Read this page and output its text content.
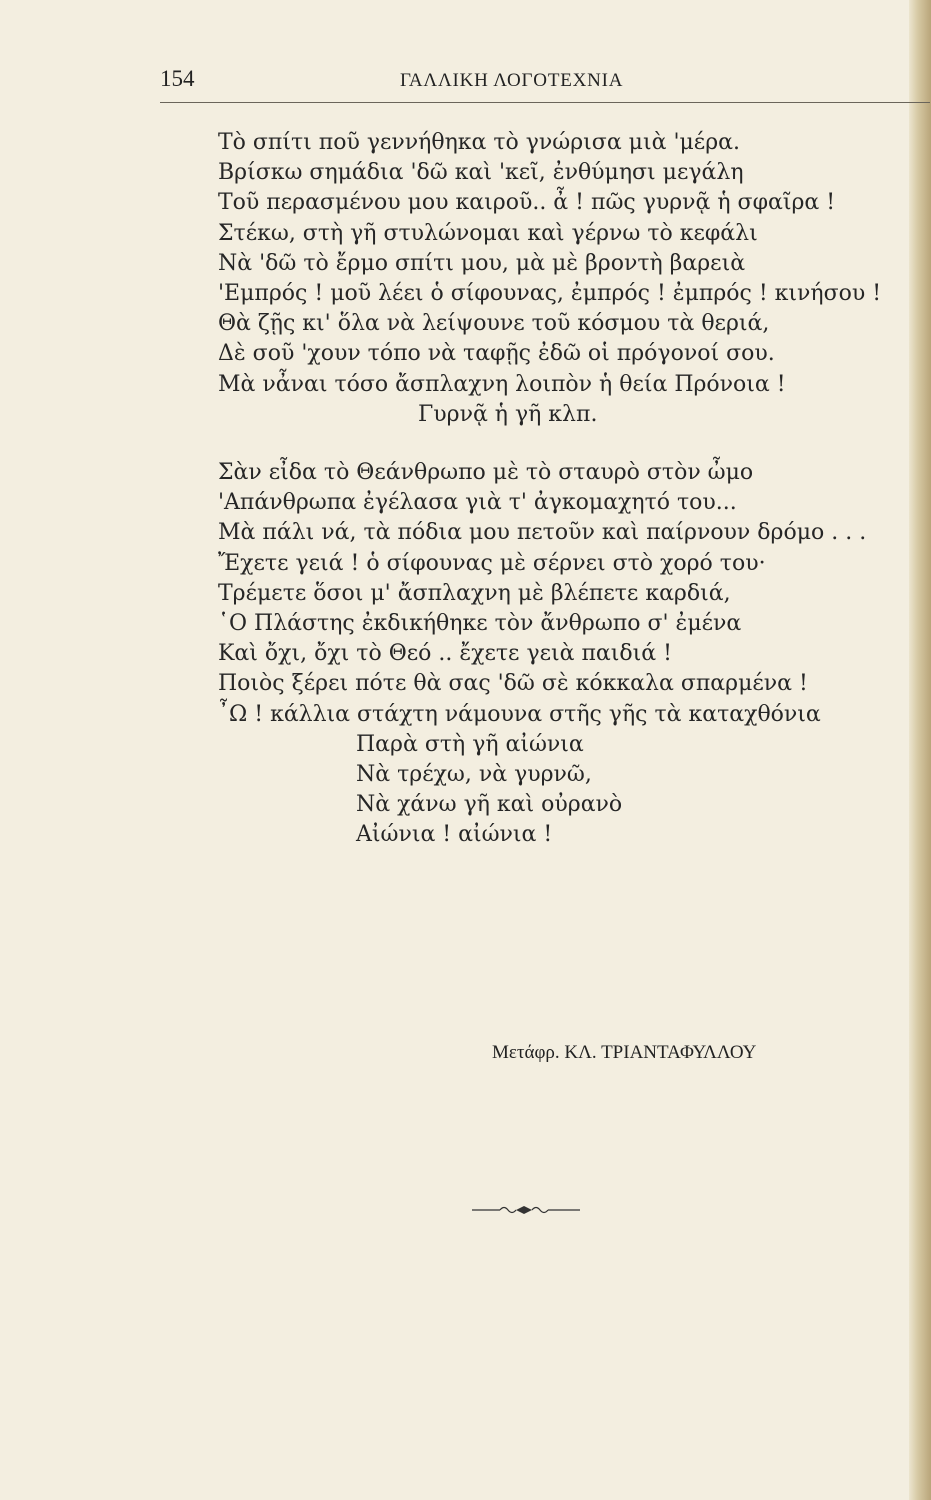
154	ΓΑΛΛΙΚΗ ΛΟΓΟΤΕΧΝΙΑ
Τὸ σπίτι ποῦ γεννήθηκα τὸ γνώρισα μιὰ 'μέρα.
Βρίσκω σημάδια 'δῶ καὶ 'κεῖ, ἐνθύμησι μεγάλη
Τοῦ περασμένου μου καιροῦ.. ἆ ! πῶς γυρνᾷ ἡ σφαῖρα !
Στέκω, στὴ γῆ στυλώνομαι καὶ γέρνω τὸ κεφάλι
Νὰ 'δῶ τὸ ἔρμο σπίτι μου, μὰ μὲ βροντὴ βαρειὰ
'Εμπρός ! μοῦ λέει ὁ σίφουνας, ἐμπρός ! ἐμπρός ! κινήσου !
Θὰ ζῇς κι' ὅλα νὰ λείψουνε τοῦ κόσμου τὰ θεριά,
Δὲ σοῦ 'χουν τόπο νὰ ταφῇς ἐδῶ οἱ πρόγονοί σου.
Μὰ νἆναι τόσο ἄσπλαχνη λοιπὸν ἡ θεία Πρόνοια !
Γυρνᾷ ἡ γῆ κλπ.
Σὰν εἶδα τὸ Θεάνθρωπο μὲ τὸ σταυρὸ στὸν ὦμο
'Απάνθρωπα ἐγέλασα γιὰ τ' ἀγκομαχητό του...
Μὰ πάλι νά, τὰ πόδια μου πετοῦν καὶ παίρνουν δρόμο . . .
Ἔχετε γειά ! ὁ σίφουνας μὲ σέρνει στὸ χορό του·
Τρέμετε ὅσοι μ' ἄσπλαχνη μὲ βλέπετε καρδιά,
῾Ο Πλάστης ἐκδικήθηκε τὸν ἄνθρωπο σ' ἐμένα
Καὶ ὄχι, ὄχι τὸ Θεό .. ἔχετε γειὰ παιδιά !
Ποιὸς ξέρει πότε θὰ σας 'δῶ σὲ κόκκαλα σπαρμένα !
῏Ω ! κάλλια στάχτη νάμουνα στῆς γῆς τὰ καταχθόνια
Παρὰ στὴ γῆ αἰώνια
Νὰ τρέχω, νὰ γυρνῶ,
Νὰ χάνω γῆ καὶ οὐρανὸ
Αἰώνια ! αἰώνια !
Μετάφρ. ΚΛ. ΤΡΙΑΝΤΑΦΥΛΛΟΥ
